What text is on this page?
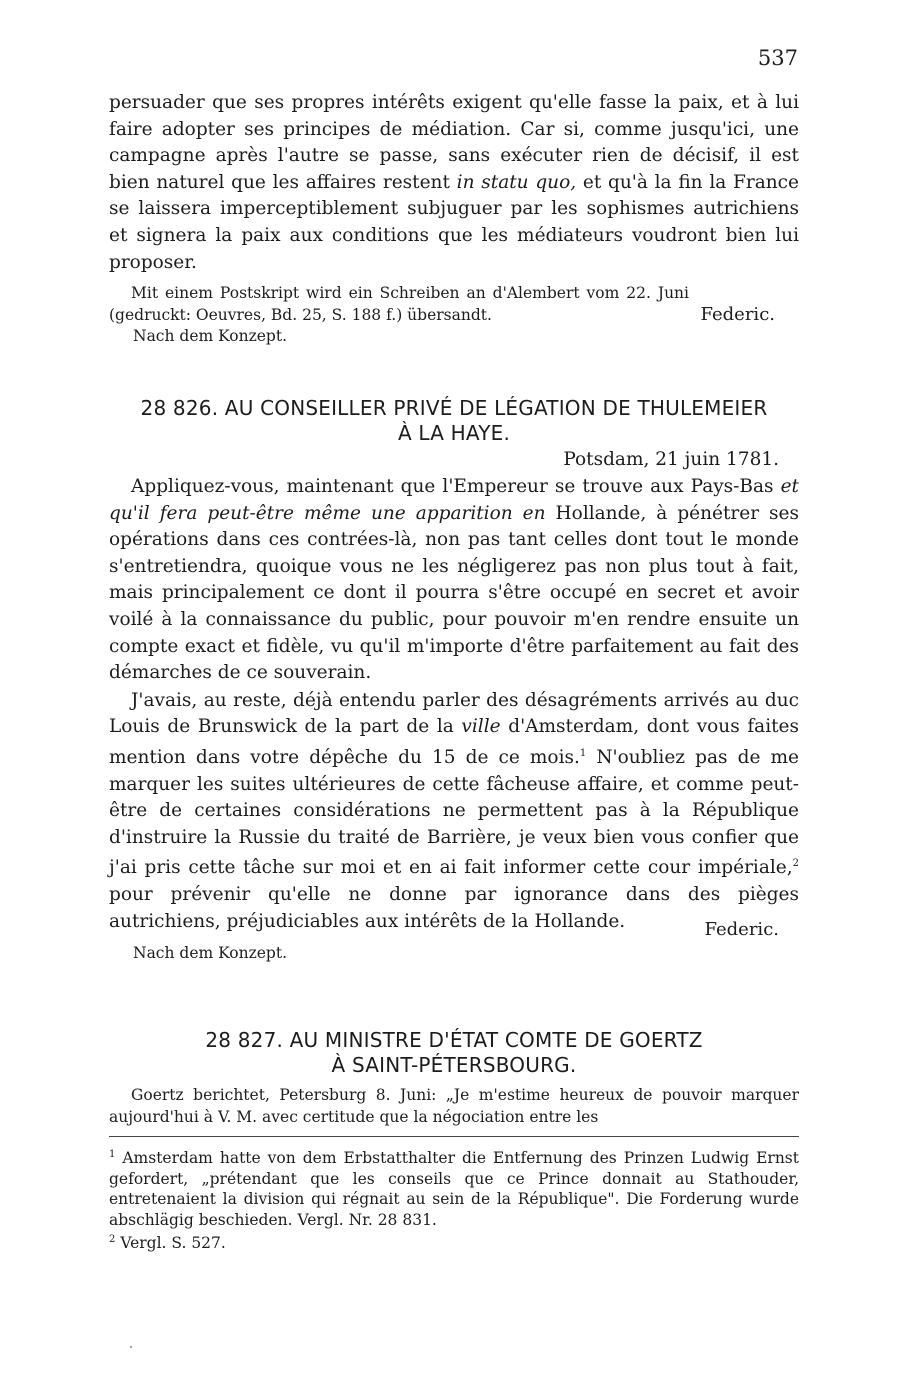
537

persuader que ses propres intérêts exigent qu'elle fasse la paix, et à lui faire adopter ses principes de médiation. Car si, comme jusqu'ici, une campagne après l'autre se passe, sans exécuter rien de décisif, il est bien naturel que les affaires restent in statu quo, et qu'à la fin la France se laissera imperceptiblement subjuguer par les sophismes autrichiens et signera la paix aux conditions que les médiateurs voudront bien lui proposer.

Mit einem Postskript wird ein Schreiben an d'Alembert vom 22. Juni (gedruckt: Oeuvres, Bd. 25, S. 188 f.) übersandt.	Federic.
Nach dem Konzept.
28 826. AU CONSEILLER PRIVÉ DE LÉGATION DE THULEMEIER
À LA HAYE.
Potsdam, 21 juin 1781.

Appliquez-vous, maintenant que l'Empereur se trouve aux Pays-Bas et qu'il fera peut-être même une apparition en Hollande, à pénétrer ses opérations dans ces contrées-là, non pas tant celles dont tout le monde s'entretiendra, quoique vous ne les négligerez pas non plus tout à fait, mais principalement ce dont il pourra s'être occupé en secret et avoir voilé à la connaissance du public, pour pouvoir m'en rendre ensuite un compte exact et fidèle, vu qu'il m'importe d'être parfaitement au fait des démarches de ce souverain.

J'avais, au reste, déjà entendu parler des désagréments arrivés au duc Louis de Brunswick de la part de la ville d'Amsterdam, dont vous faites mention dans votre dépêche du 15 de ce mois.$^1$ N'oubliez pas de me marquer les suites ultérieures de cette fâcheuse affaire, et comme peut-être de certaines considérations ne permettent pas à la République d'instruire la Russie du traité de Barrière, je veux bien vous confier que j'ai pris cette tâche sur moi et en ai fait informer cette cour impériale,$^2$ pour prévenir qu'elle ne donne par ignorance dans des pièges autrichiens, préjudiciables aux intérêts de la Hollande.	Federic.
Nach dem Konzept.
28 827. AU MINISTRE D'ÉTAT COMTE DE GOERTZ
À SAINT-PÉTERSBOURG.

Goertz berichtet, Petersburg 8. Juni: „Je m'estime heureux de pouvoir marquer aujourd'hui à V. M. avec certitude que la négociation entre les

$^1$ Amsterdam hatte von dem Erbstatthalter die Entfernung des Prinzen Ludwig Ernst gefordert, „prétendant que les conseils que ce Prince donnait au Stathouder, entretenaient la division qui régnait au sein de la République". Die Forderung wurde abschlägig beschieden. Vergl. Nr. 28 831.

$^2$ Vergl. S. 527.
